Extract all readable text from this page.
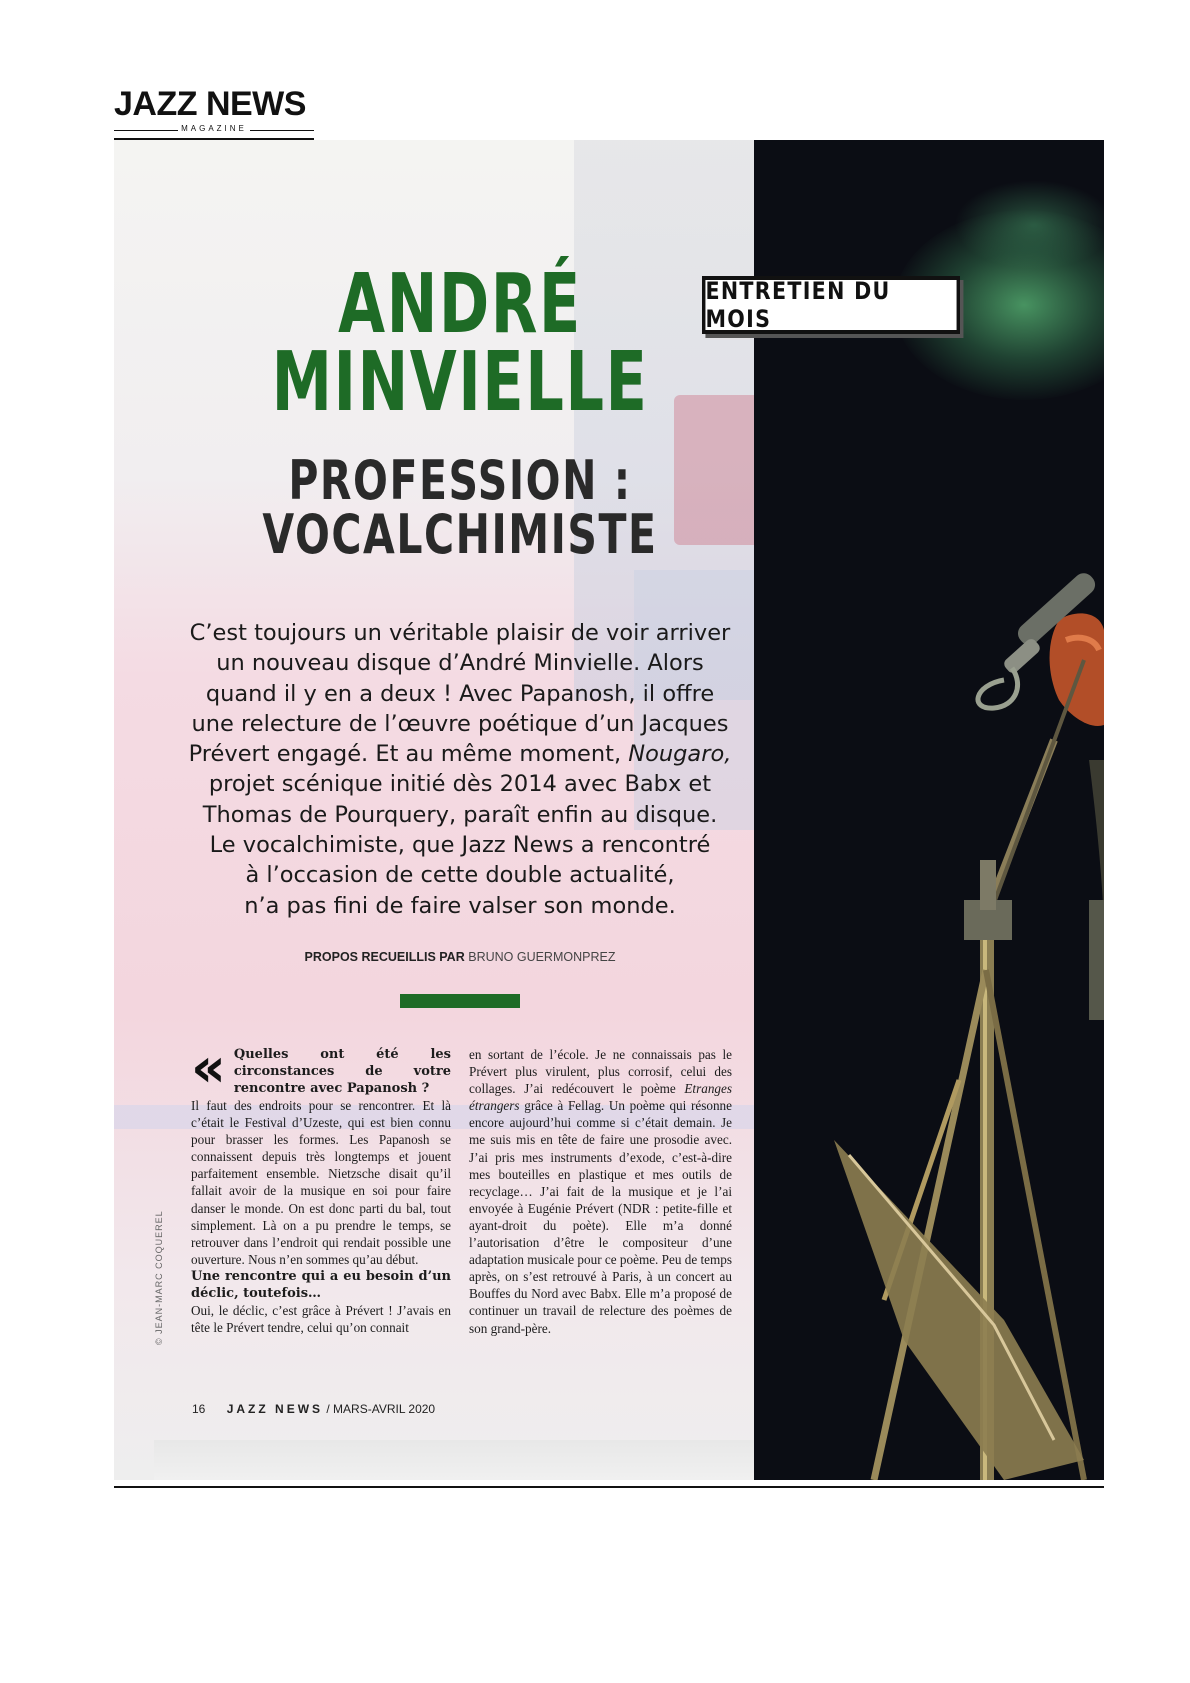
JAZZ NEWS
MAGAZINE
ENTRETIEN DU MOIS
ANDRÉ
MINVIELLE
PROFESSION :
VOCALCHIMISTE

C’est toujours un véritable plaisir de voir arriver

un nouveau disque d’André Minvielle. Alors

quand il y en a deux ! Avec Papanosh, il offre

une relecture de l’œuvre poétique d’un Jacques

Prévert engagé. Et au même moment, Nougaro,

projet scénique initié dès 2014 avec Babx et

Thomas de Pourquery, paraît enfin au disque.

Le vocalchimiste, que Jazz News a rencontré

à l’occasion de cette double actualité,

n’a pas fini de faire valser son monde.

PROPOS RECUEILLIS PAR BRUNO GUERMONPREZ
« Quelles ont été les circonstances de votre rencontre avec Papanosh ?

Il faut des endroits pour se rencontrer. Et là c’était le Festival d’Uzeste, qui est bien connu pour brasser les formes. Les Papanosh se connaissent depuis très longtemps et jouent parfaitement ensemble. Nietzsche disait qu’il fallait avoir de la musique en soi pour faire danser le monde. On est donc parti du bal, tout simplement. Là on a pu prendre le temps, se retrouver dans l’endroit qui rendait possible une ouverture. Nous n’en sommes qu’au début.

Une rencontre qui a eu besoin d’un déclic, toutefois…

Oui, le déclic, c’est grâce à Prévert ! J’avais en tête le Prévert tendre, celui qu’on connait

en sortant de l’école. Je ne connaissais pas le Prévert plus virulent, plus corrosif, celui des collages. J’ai redécouvert le poème Etranges étrangers grâce à Fellag. Un poème qui résonne encore aujourd’hui comme si c’était demain. Je me suis mis en tête de faire une prosodie avec. J’ai pris mes instruments d’exode, c’est-à-dire mes bouteilles en plastique et mes outils de recyclage… J’ai fait de la musique et je l’ai envoyée à Eugénie Prévert (NDR : petite-fille et ayant-droit du poète). Elle m’a donné l’autorisation d’être le compositeur d’une adaptation musicale pour ce poème. Peu de temps après, on s’est retrouvé à Paris, à un concert au Bouffes du Nord avec Babx. Elle m’a proposé de continuer un travail de relecture des poèmes de son grand-père.

© JEAN-MARC COQUEREL
16 JAZZ NEWS / MARS-AVRIL 2020
